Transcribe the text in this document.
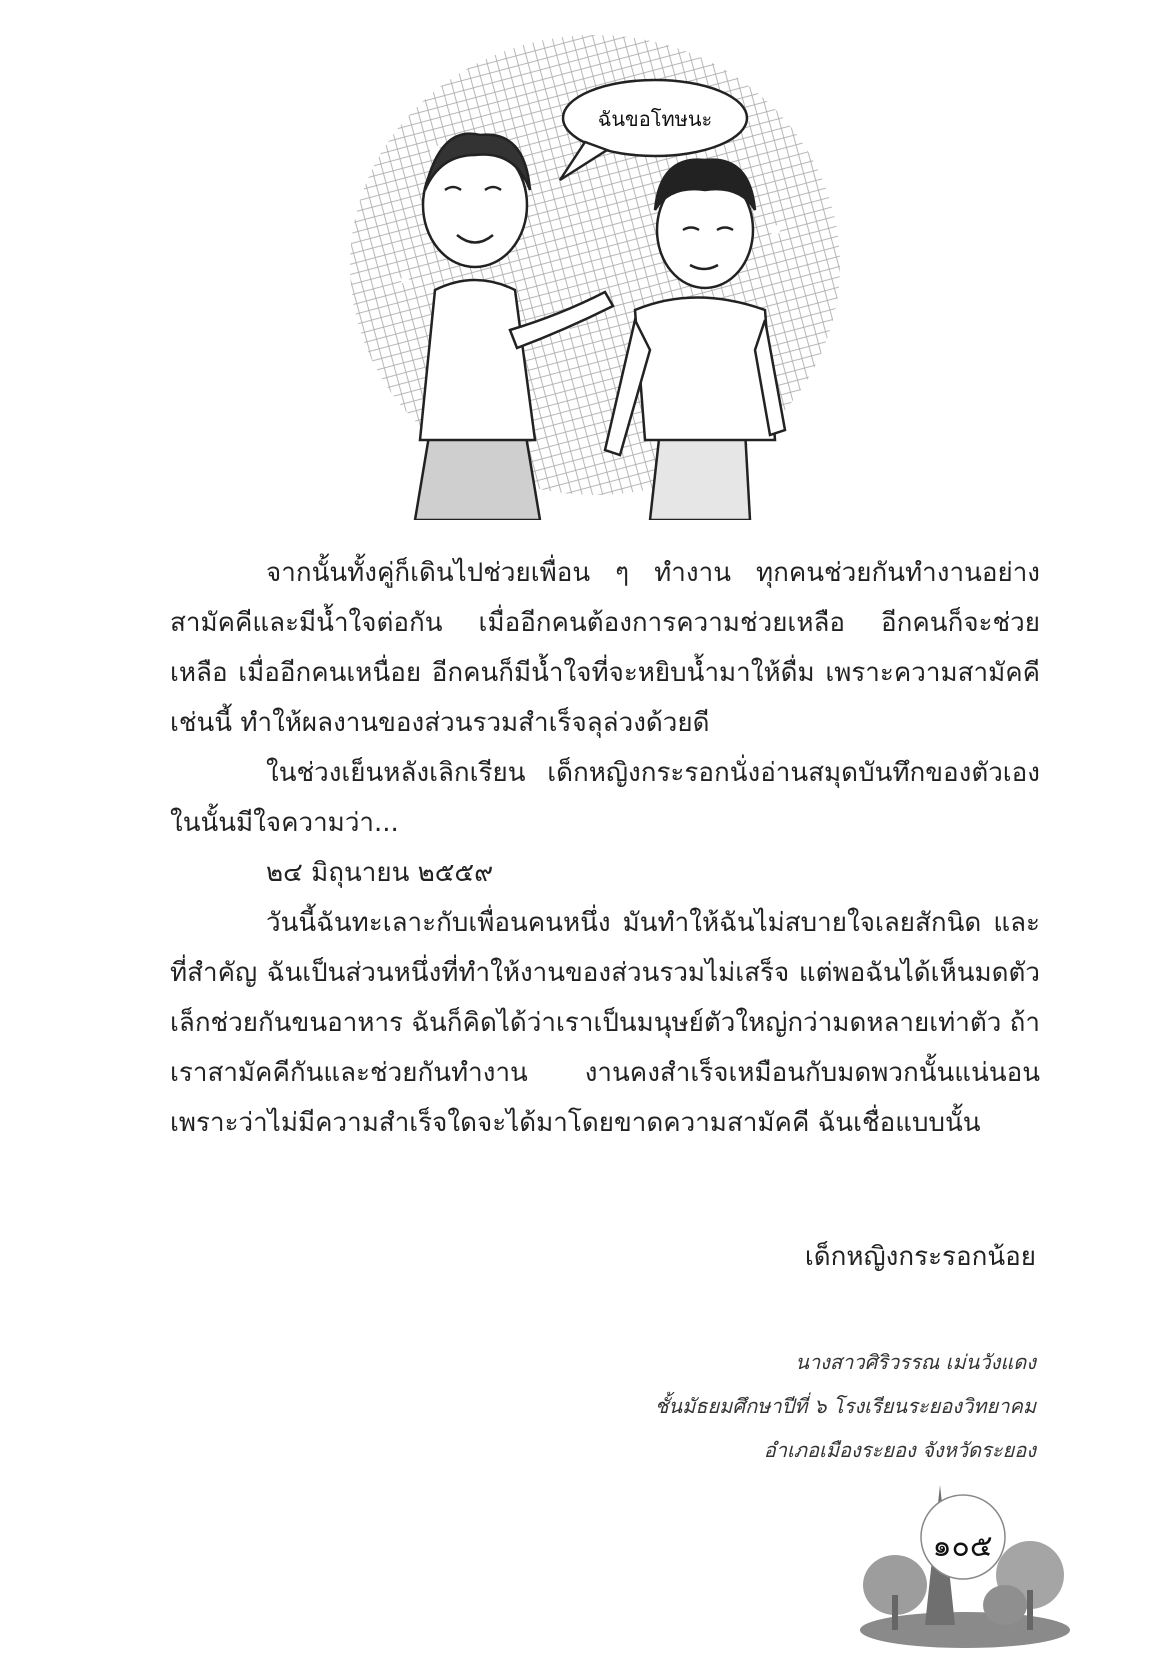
ฉันขอโทษนะ

จากนั้นทั้งคู่ก็เดินไปช่วยเพื่อน ๆ ทำงาน ทุกคนช่วยกันทำงานอย่างสามัคคีและมีน้ำใจต่อกัน เมื่ออีกคนต้องการความช่วยเหลือ อีกคนก็จะช่วยเหลือ เมื่ออีกคนเหนื่อย อีกคนก็มีน้ำใจที่จะหยิบน้ำมาให้ดื่ม เพราะความสามัคคีเช่นนี้ ทำให้ผลงานของส่วนรวมสำเร็จลุล่วงด้วยดี

ในช่วงเย็นหลังเลิกเรียน เด็กหญิงกระรอกนั่งอ่านสมุดบันทึกของตัวเองในนั้นมีใจความว่า...

๒๔ มิถุนายน ๒๕๕๙

วันนี้ฉันทะเลาะกับเพื่อนคนหนึ่ง มันทำให้ฉันไม่สบายใจเลยสักนิด และที่สำคัญ ฉันเป็นส่วนหนึ่งที่ทำให้งานของส่วนรวมไม่เสร็จ แต่พอฉันได้เห็นมดตัวเล็กช่วยกันขนอาหาร ฉันก็คิดได้ว่าเราเป็นมนุษย์ตัวใหญ่กว่ามดหลายเท่าตัว ถ้าเราสามัคคีกันและช่วยกันทำงาน งานคงสำเร็จเหมือนกับมดพวกนั้นแน่นอน เพราะว่าไม่มีความสำเร็จใดจะได้มาโดยขาดความสามัคคี ฉันเชื่อแบบนั้น

เด็กหญิงกระรอกน้อย
นางสาวศิริวรรณ เม่นวังแดง
ชั้นมัธยมศึกษาปีที่ ๖ โรงเรียนระยองวิทยาคม
อำเภอเมืองระยอง จังหวัดระยอง
๑๐๕
